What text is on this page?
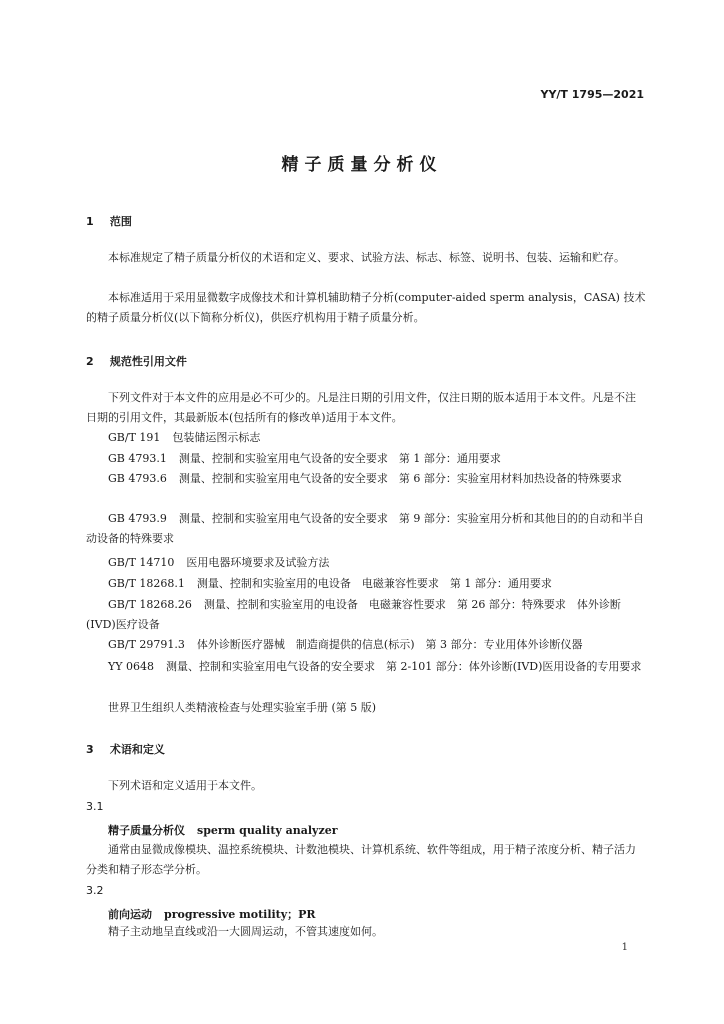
YY/T 1795—2021
精子质量分析仪
1 范围
本标准规定了精子质量分析仪的术语和定义、要求、试验方法、标志、标签、说明书、包装、运输和贮存。
本标准适用于采用显微数字成像技术和计算机辅助精子分析(computer-aided sperm analysis，CASA) 技术的精子质量分析仪(以下简称分析仪)，供医疗机构用于精子质量分析。
2 规范性引用文件
下列文件对于本文件的应用是必不可少的。凡是注日期的引用文件，仅注日期的版本适用于本文件。凡是不注日期的引用文件，其最新版本(包括所有的修改单)适用于本文件。
GB/T 191 包装储运图示标志
GB 4793.1 测量、控制和实验室用电气设备的安全要求　第 1 部分：通用要求
GB 4793.6 测量、控制和实验室用电气设备的安全要求　第 6 部分：实验室用材料加热设备的特殊要求
GB 4793.9 测量、控制和实验室用电气设备的安全要求　第 9 部分：实验室用分析和其他目的的自动和半自动设备的特殊要求
GB/T 14710 医用电器环境要求及试验方法
GB/T 18268.1 测量、控制和实验室用的电设备　电磁兼容性要求　第 1 部分：通用要求
GB/T 18268.26 测量、控制和实验室用的电设备　电磁兼容性要求　第 26 部分：特殊要求　体外诊断(IVD)医疗设备
GB/T 29791.3 体外诊断医疗器械　制造商提供的信息(标示)　第 3 部分：专业用体外诊断仪器
YY 0648 测量、控制和实验室用电气设备的安全要求　第 2-101 部分：体外诊断(IVD)医用设备的专用要求
世界卫生组织人类精液检查与处理实验室手册 (第 5 版)
3 术语和定义
下列术语和定义适用于本文件。
3.1
精子质量分析仪 sperm quality analyzer
通常由显微成像模块、温控系统模块、计数池模块、计算机系统、软件等组成，用于精子浓度分析、精子活力分类和精子形态学分析。
3.2
前向运动 progressive motility；PR
精子主动地呈直线或沿一大圆周运动，不管其速度如何。
1
